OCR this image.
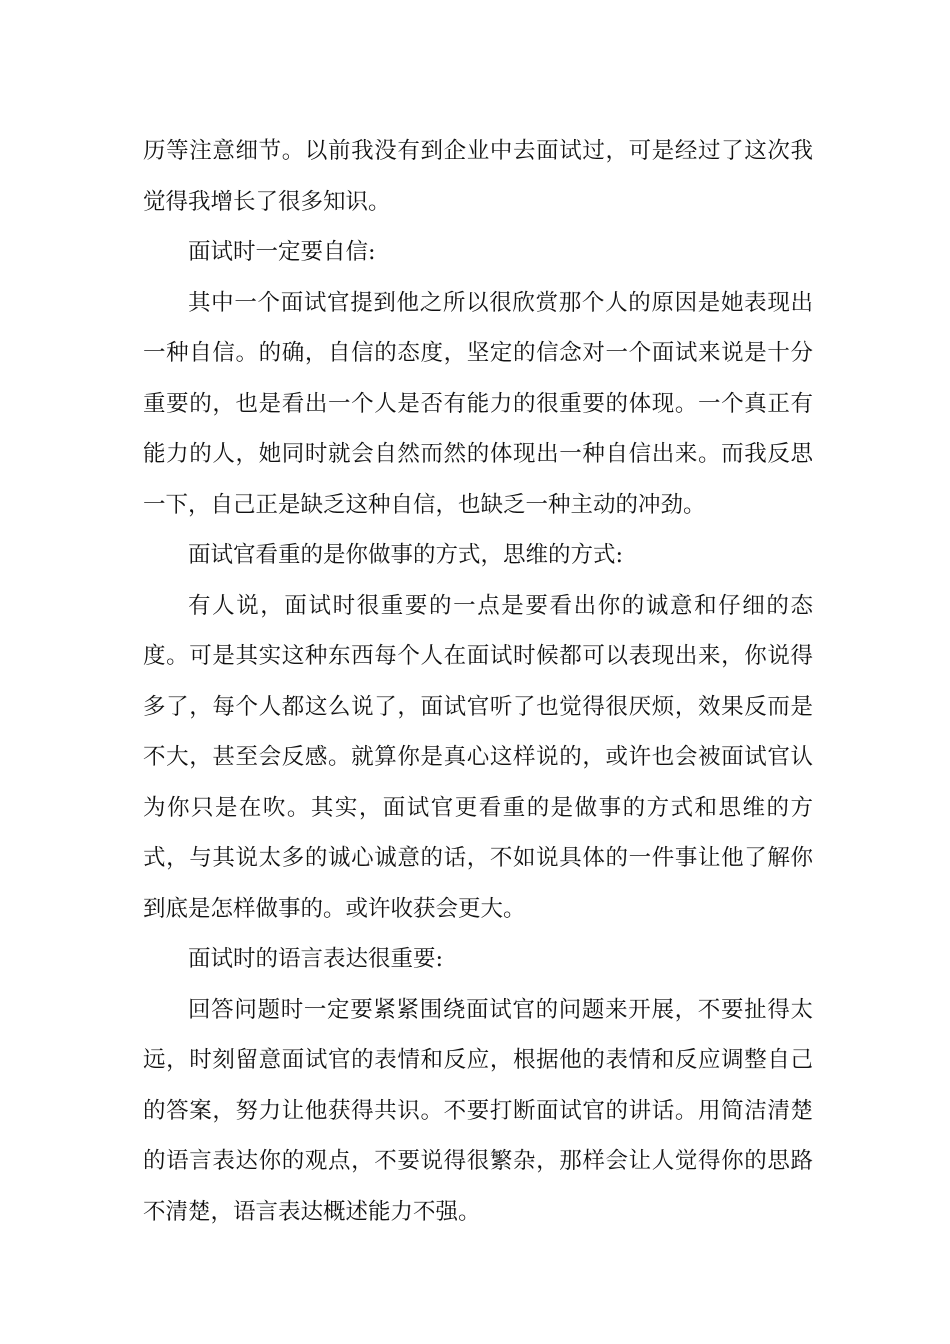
历等注意细节。以前我没有到企业中去面试过，可是经过了这次我觉得我增长了很多知识。

面试时一定要自信:

其中一个面试官提到他之所以很欣赏那个人的原因是她表现出一种自信。的确，自信的态度，坚定的信念对一个面试来说是十分重要的，也是看出一个人是否有能力的很重要的体现。一个真正有能力的人，她同时就会自然而然的体现出一种自信出来。而我反思一下，自己正是缺乏这种自信，也缺乏一种主动的冲劲。

面试官看重的是你做事的方式，思维的方式:

有人说，面试时很重要的一点是要看出你的诚意和仔细的态度。可是其实这种东西每个人在面试时候都可以表现出来，你说得多了，每个人都这么说了，面试官听了也觉得很厌烦，效果反而是不大，甚至会反感。就算你是真心这样说的，或许也会被面试官认为你只是在吹。其实，面试官更看重的是做事的方式和思维的方式，与其说太多的诚心诚意的话，不如说具体的一件事让他了解你到底是怎样做事的。或许收获会更大。

面试时的语言表达很重要:

回答问题时一定要紧紧围绕面试官的问题来开展，不要扯得太远，时刻留意面试官的表情和反应，根据他的表情和反应调整自己的答案，努力让他获得共识。不要打断面试官的讲话。用简洁清楚的语言表达你的观点，不要说得很繁杂，那样会让人觉得你的思路不清楚，语言表达概述能力不强。
